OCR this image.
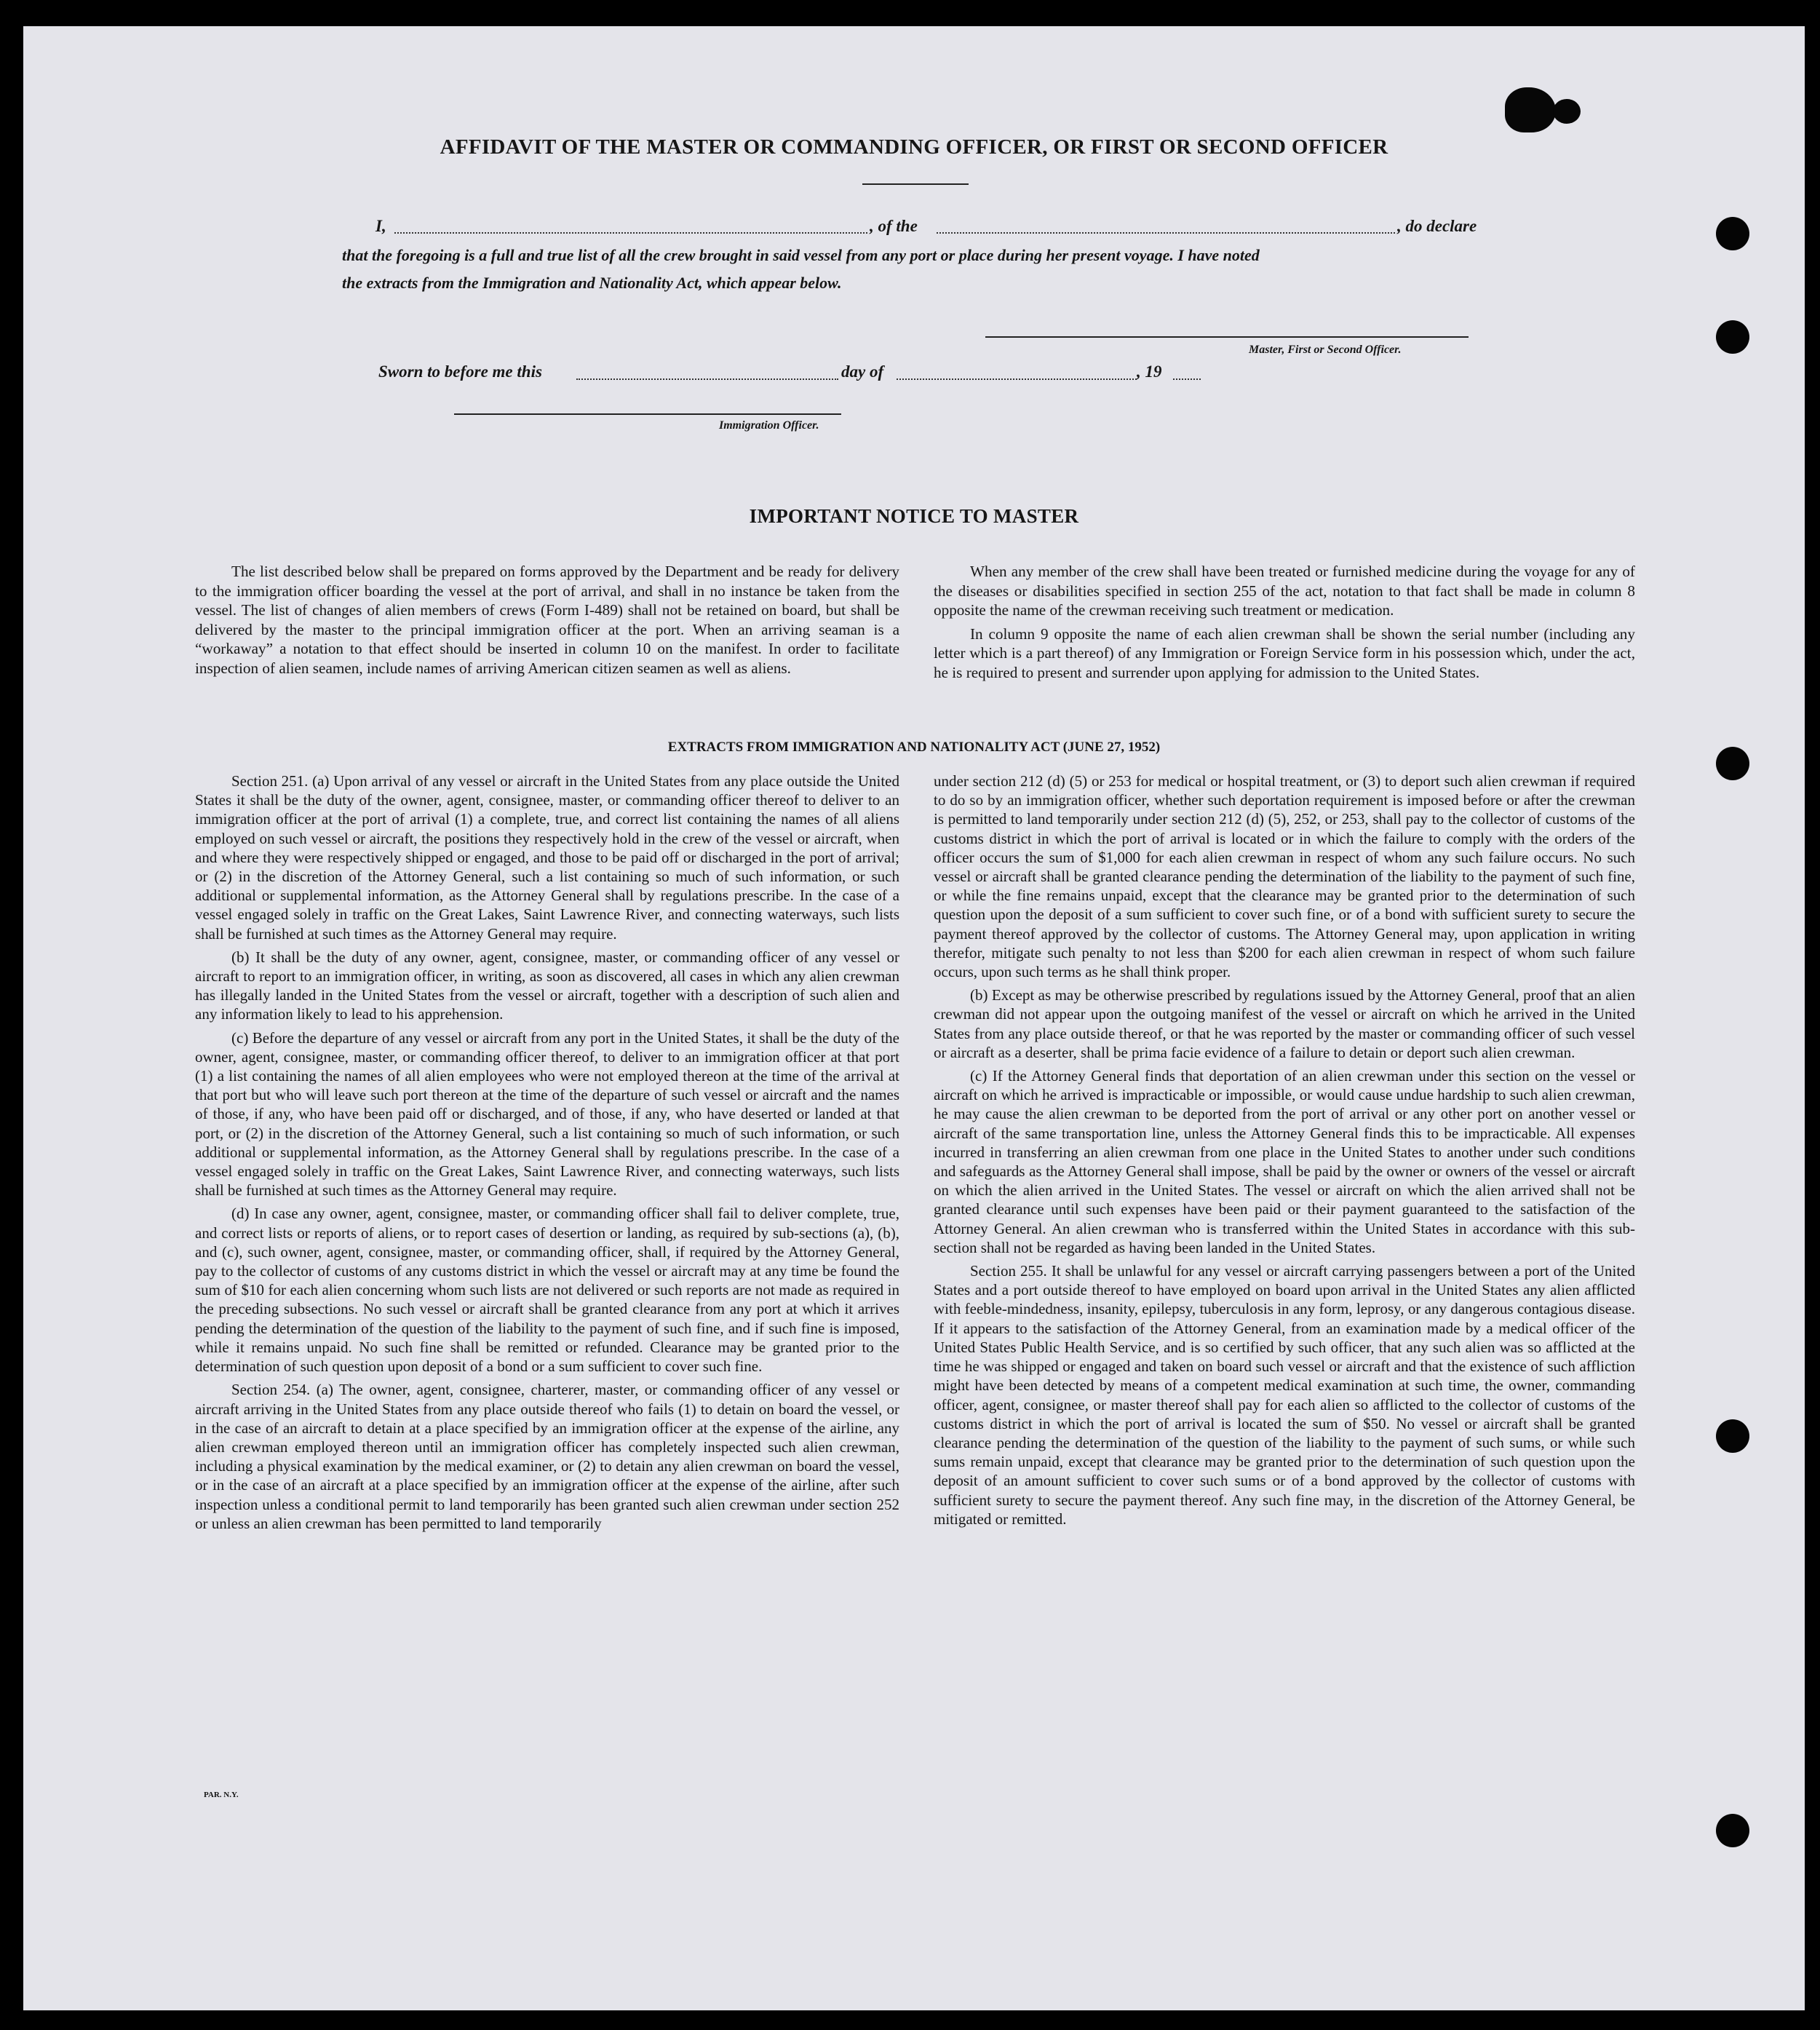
AFFIDAVIT OF THE MASTER OR COMMANDING OFFICER, OR FIRST OR SECOND OFFICER
I,	, of the	, do declare
that the foregoing is a full and true list of all the crew brought in said vessel from any port or place during her present voyage. I have noted
the extracts from the Immigration and Nationality Act, which appear below.
Master, First or Second Officer.
Sworn to before me this	day of	, 19
Immigration Officer.
IMPORTANT NOTICE TO MASTER

The list described below shall be prepared on forms approved by the Department and be ready for delivery to the immigration officer boarding the vessel at the port of arrival, and shall in no instance be taken from the vessel. The list of changes of alien members of crews (Form I-489) shall not be retained on board, but shall be delivered by the master to the principal immigration officer at the port. When an arriving seaman is a “workaway” a notation to that effect should be inserted in column 10 on the manifest. In order to facilitate inspection of alien seamen, include names of arriving American citizen seamen as well as aliens.

When any member of the crew shall have been treated or furnished medicine during the voyage for any of the diseases or disabilities specified in section 255 of the act, notation to that fact shall be made in column 8 opposite the name of the crewman receiving such treatment or medication.

In column 9 opposite the name of each alien crewman shall be shown the serial number (including any letter which is a part thereof) of any Immigration or Foreign Service form in his possession which, under the act, he is required to present and surrender upon applying for admission to the United States.

EXTRACTS FROM IMMIGRATION AND NATIONALITY ACT (JUNE 27, 1952)

Section 251. (a) Upon arrival of any vessel or aircraft in the United States from any place outside the United States it shall be the duty of the owner, agent, consignee, master, or commanding officer thereof to deliver to an immigration officer at the port of arrival (1) a complete, true, and correct list containing the names of all aliens employed on such vessel or aircraft, the positions they respectively hold in the crew of the vessel or aircraft, when and where they were respectively shipped or engaged, and those to be paid off or discharged in the port of arrival; or (2) in the discretion of the Attorney General, such a list containing so much of such information, or such additional or supplemental information, as the Attorney General shall by regulations prescribe. In the case of a vessel engaged solely in traffic on the Great Lakes, Saint Lawrence River, and connecting waterways, such lists shall be furnished at such times as the Attorney General may require.

(b) It shall be the duty of any owner, agent, consignee, master, or commanding officer of any vessel or aircraft to report to an immigration officer, in writing, as soon as discovered, all cases in which any alien crewman has illegally landed in the United States from the vessel or aircraft, together with a description of such alien and any information likely to lead to his apprehension.

(c) Before the departure of any vessel or aircraft from any port in the United States, it shall be the duty of the owner, agent, consignee, master, or commanding officer thereof, to deliver to an immigration officer at that port (1) a list containing the names of all alien employees who were not employed thereon at the time of the arrival at that port but who will leave such port thereon at the time of the departure of such vessel or aircraft and the names of those, if any, who have been paid off or discharged, and of those, if any, who have deserted or landed at that port, or (2) in the discretion of the Attorney General, such a list containing so much of such information, or such additional or supplemental information, as the Attorney General shall by regulations prescribe. In the case of a vessel engaged solely in traffic on the Great Lakes, Saint Lawrence River, and connecting waterways, such lists shall be furnished at such times as the Attorney General may require.

(d) In case any owner, agent, consignee, master, or commanding officer shall fail to deliver complete, true, and correct lists or reports of aliens, or to report cases of desertion or landing, as required by sub-sections (a), (b), and (c), such owner, agent, consignee, master, or commanding officer, shall, if required by the Attorney General, pay to the collector of customs of any customs district in which the vessel or aircraft may at any time be found the sum of $10 for each alien concerning whom such lists are not delivered or such reports are not made as required in the preceding subsections. No such vessel or aircraft shall be granted clearance from any port at which it arrives pending the determination of the question of the liability to the payment of such fine, and if such fine is imposed, while it remains unpaid. No such fine shall be remitted or refunded. Clearance may be granted prior to the determination of such question upon deposit of a bond or a sum sufficient to cover such fine.

Section 254. (a) The owner, agent, consignee, charterer, master, or commanding officer of any vessel or aircraft arriving in the United States from any place outside thereof who fails (1) to detain on board the vessel, or in the case of an aircraft to detain at a place specified by an immigration officer at the expense of the airline, any alien crewman employed thereon until an immigration officer has completely inspected such alien crewman, including a physical examination by the medical examiner, or (2) to detain any alien crewman on board the vessel, or in the case of an aircraft at a place specified by an immigration officer at the expense of the airline, after such inspection unless a conditional permit to land temporarily has been granted such alien crewman under section 252 or unless an alien crewman has been permitted to land temporarily

under section 212 (d) (5) or 253 for medical or hospital treatment, or (3) to deport such alien crewman if required to do so by an immigration officer, whether such deportation requirement is imposed before or after the crewman is permitted to land temporarily under section 212 (d) (5), 252, or 253, shall pay to the collector of customs of the customs district in which the port of arrival is located or in which the failure to comply with the orders of the officer occurs the sum of $1,000 for each alien crewman in respect of whom any such failure occurs. No such vessel or aircraft shall be granted clearance pending the determination of the liability to the payment of such fine, or while the fine remains unpaid, except that the clearance may be granted prior to the determination of such question upon the deposit of a sum sufficient to cover such fine, or of a bond with sufficient surety to secure the payment thereof approved by the collector of customs. The Attorney General may, upon application in writing therefor, mitigate such penalty to not less than $200 for each alien crewman in respect of whom such failure occurs, upon such terms as he shall think proper.

(b) Except as may be otherwise prescribed by regulations issued by the Attorney General, proof that an alien crewman did not appear upon the outgoing manifest of the vessel or aircraft on which he arrived in the United States from any place outside thereof, or that he was reported by the master or commanding officer of such vessel or aircraft as a deserter, shall be prima facie evidence of a failure to detain or deport such alien crewman.

(c) If the Attorney General finds that deportation of an alien crewman under this section on the vessel or aircraft on which he arrived is impracticable or impossible, or would cause undue hardship to such alien crewman, he may cause the alien crewman to be deported from the port of arrival or any other port on another vessel or aircraft of the same transportation line, unless the Attorney General finds this to be impracticable. All expenses incurred in transferring an alien crewman from one place in the United States to another under such conditions and safeguards as the Attorney General shall impose, shall be paid by the owner or owners of the vessel or aircraft on which the alien arrived in the United States. The vessel or aircraft on which the alien arrived shall not be granted clearance until such expenses have been paid or their payment guaranteed to the satisfaction of the Attorney General. An alien crewman who is transferred within the United States in accordance with this sub-section shall not be regarded as having been landed in the United States.

Section 255. It shall be unlawful for any vessel or aircraft carrying passengers between a port of the United States and a port outside thereof to have employed on board upon arrival in the United States any alien afflicted with feeble-mindedness, insanity, epilepsy, tuberculosis in any form, leprosy, or any dangerous contagious disease. If it appears to the satisfaction of the Attorney General, from an examination made by a medical officer of the United States Public Health Service, and is so certified by such officer, that any such alien was so afflicted at the time he was shipped or engaged and taken on board such vessel or aircraft and that the existence of such affliction might have been detected by means of a competent medical examination at such time, the owner, commanding officer, agent, consignee, or master thereof shall pay for each alien so afflicted to the collector of customs of the customs district in which the port of arrival is located the sum of $50. No vessel or aircraft shall be granted clearance pending the determination of the question of the liability to the payment of such sums, or while such sums remain unpaid, except that clearance may be granted prior to the determination of such question upon the deposit of an amount sufficient to cover such sums or of a bond approved by the collector of customs with sufficient surety to secure the payment thereof. Any such fine may, in the discretion of the Attorney General, be mitigated or remitted.

PAR. N.Y.
